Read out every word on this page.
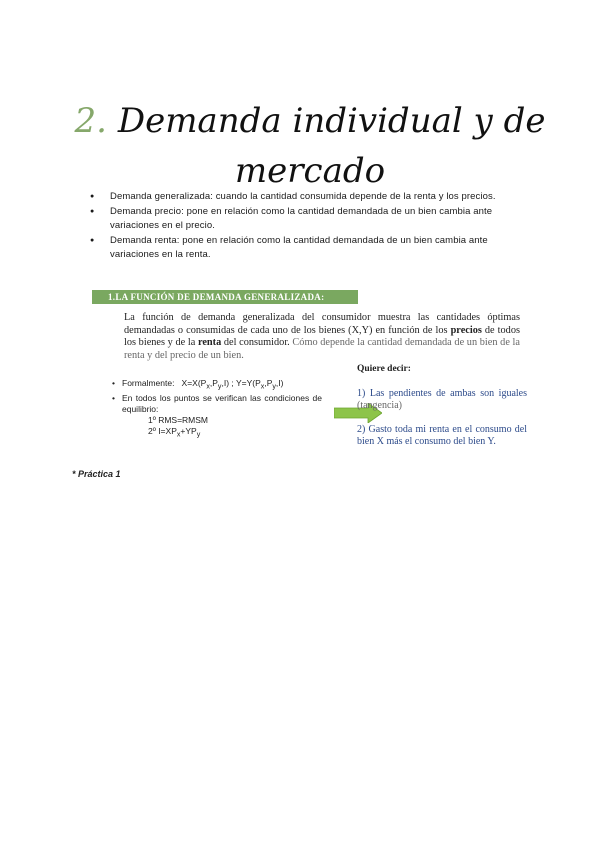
2. Demanda individual y de mercado
● Demanda generalizada: cuando la cantidad consumida depende de la renta y los precios.
● Demanda precio: pone en relación como la cantidad demandada de un bien cambia ante variaciones en el precio.
● Demanda renta: pone en relación como la cantidad demandada de un bien cambia ante variaciones en la renta.
1.LA FUNCIÓN DE DEMANDA GENERALIZADA:
La función de demanda generalizada del consumidor muestra las cantidades óptimas demandadas o consumidas de cada uno de los bienes (X,Y) en función de los precios de todos los bienes y de la renta del consumidor. Cómo depende la cantidad demandada de un bien de la renta y del precio de un bien.
• Formalmente: $X=X(P_x,P_y,I)$ ; $Y=Y(P_x,P_y,I)$
• En todos los puntos se verifican las condiciones de equilibrio:
1º RMS=RMSM
2º $I=XP_x+YP_y$
Quiere decir:
1) Las pendientes de ambas son iguales (tangencia)
2) Gasto toda mi renta en el consumo del bien X más el consumo del bien Y.
* Práctica 1
